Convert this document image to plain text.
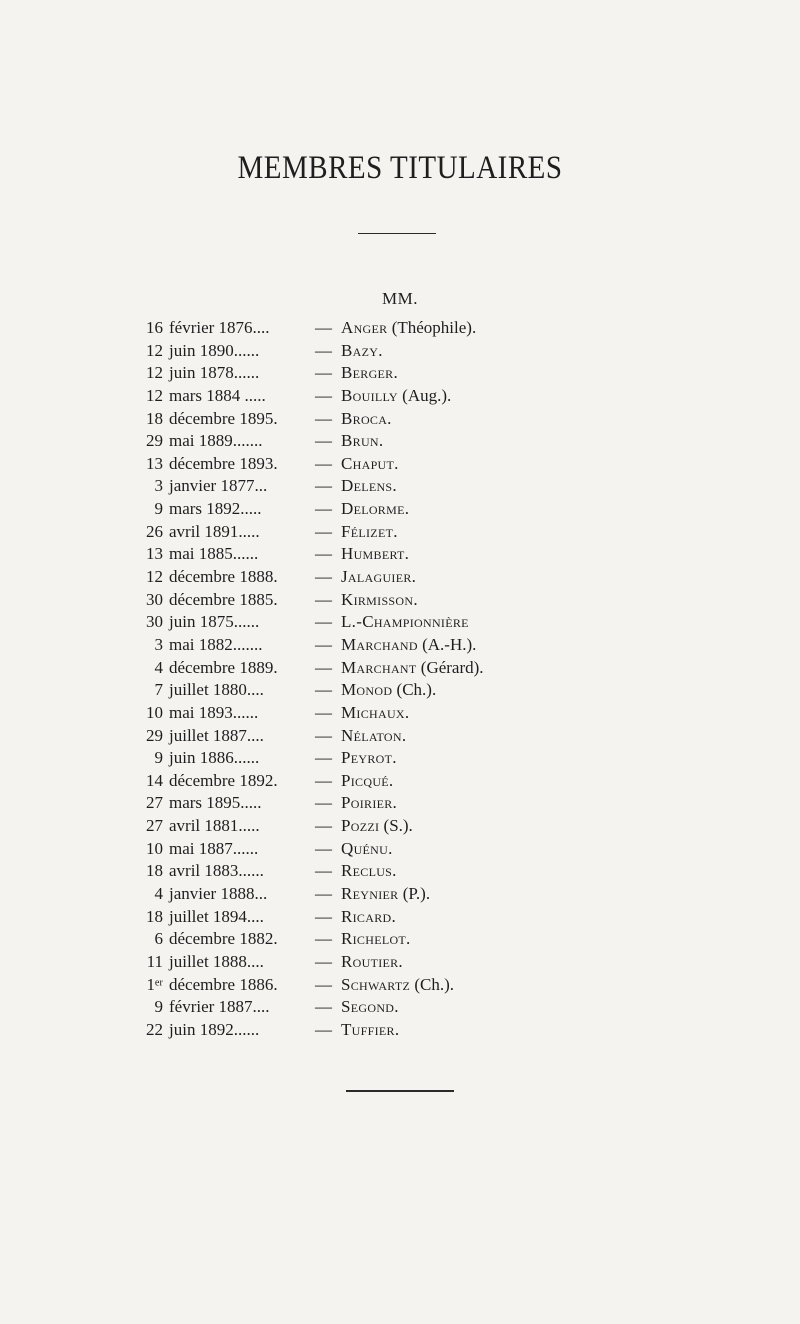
MEMBRES TITULAIRES
MM.
16 février 1876....	— Anger (Théophile).
12 juin 1890......	— Bazy.
12 juin 1878......	— Berger.
12 mars 1884 .....	— Bouilly (Aug.).
18 décembre 1895. — Broca.
29 mai 1889.......	— Brun.
13 décembre 1893. — Chaput.
3 janvier 1877...	— Delens.
9 mars 1892.....	— Delorme.
26 avril 1891.....	— Félizet.
13 mai 1885......	— Humbert.
12 décembre 1888. — Jalaguier.
30 décembre 1885. — Kirmisson.
30 juin 1875......	— L.-Championnière
3 mai 1882.......	— Marchand (A.-H.).
4 décembre 1889. — Marchant (Gérard).
7 juillet 1880....	— Monod (Ch.).
10 mai 1893......	— Michaux.
29 juillet 1887....	— Nélaton.
9 juin 1886......	— Peyrot.
14 décembre 1892. — Picqué.
27 mars 1895.....	— Poirier.
27 avril 1881.....	— Pozzi (S.).
10 mai 1887......	— Quénu.
18 avril 1883......	— Reclus.
4 janvier 1888...	— Reynier (P.).
18 juillet 1894....	— Ricard.
6 décembre 1882. — Richelot.
11 juillet 1888....	— Routier.
1ᵉʳ décembre 1886. — Schwartz (Ch.).
9 février 1887....	— Segond.
22 juin 1892......	— Tuffier.
